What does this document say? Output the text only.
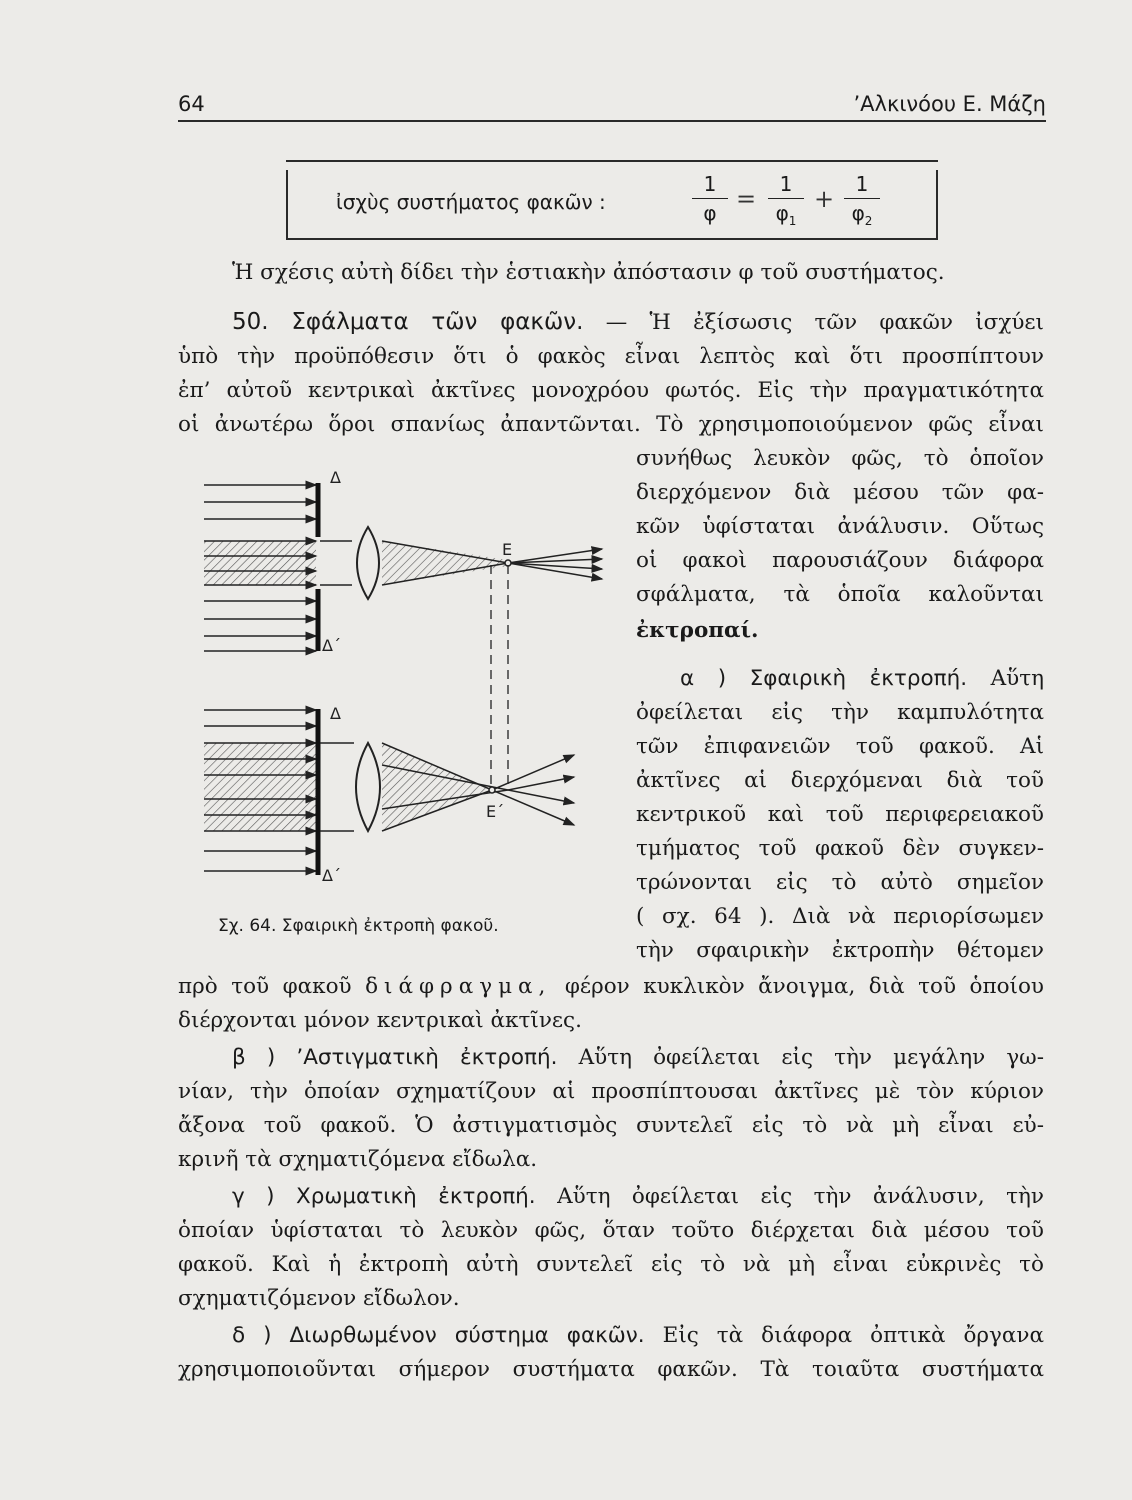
64	’Αλκινόου Ε. Μάζη
ἰσχὺς συστήματος φακῶν :	$\frac{1}{\varphi} = \frac{1}{\varphi_1} + \frac{1}{\varphi_2}$

Ἡ σχέσις αὐτὴ δίδει τὴν ἑστιακὴν ἀπόστασιν φ τοῦ συστήματος.

50. Σφάλματα τῶν φακῶν. — Ἡ ἐξίσωσις τῶν φακῶν ἰσχύει

ὑπὸ τὴν προϋπόθεσιν ὅτι ὁ φακὸς εἶναι λεπτὸς καὶ ὅτι προσπίπτουν

ἐπ’ αὐτοῦ κεντρικαὶ ἀκτῖνες μονοχρόου φωτός. Εἰς τὴν πραγματικότητα

οἱ ἀνωτέρω ὅροι σπανίως ἀπαντῶνται. Τὸ χρησιμοποιούμενον φῶς εἶναι

συνήθως λευκὸν φῶς, τὸ ὁποῖον

διερχόμενον διὰ μέσου τῶν φα-

κῶν ὑφίσταται ἀνάλυσιν. Οὕτως

οἱ φακοὶ παρουσιάζουν διάφορα

σφάλματα, τὰ ὁποῖα καλοῦνται

ἐκτροπαί.

α ) Σφαιρικὴ ἐκτροπή. Αὕτη

ὀφείλεται εἰς τὴν καμπυλότητα

τῶν ἐπιφανειῶν τοῦ φακοῦ. Αἱ

ἀκτῖνες αἱ διερχόμεναι διὰ τοῦ

κεντρικοῦ καὶ τοῦ περιφερειακοῦ

τμήματος τοῦ φακοῦ δὲν συγκεν-

τρώνονται εἰς τὸ αὐτὸ σημεῖον

( σχ. 64 ). Διὰ νὰ περιορίσωμεν

τὴν σφαιρικὴν ἐκτροπὴν θέτομεν

Δ
Δ΄
Ε
Δ
Δ΄
Ε΄
Σχ. 64. Σφαιρικὴ ἐκτροπὴ φακοῦ.

πρὸ τοῦ φακοῦ διάφραγμα, φέρον κυκλικὸν ἄνοιγμα, διὰ τοῦ ὁποίου

διέρχονται μόνον κεντρικαὶ ἀκτῖνες.

β ) ’Αστιγματικὴ ἐκτροπή. Αὕτη ὀφείλεται εἰς τὴν μεγάλην γω-

νίαν, τὴν ὁποίαν σχηματίζουν αἱ προσπίπτουσαι ἀκτῖνες μὲ τὸν κύριον

ἄξονα τοῦ φακοῦ. Ὁ ἀστιγματισμὸς συντελεῖ εἰς τὸ νὰ μὴ εἶναι εὐ-

κρινῆ τὰ σχηματιζόμενα εἴδωλα.

γ ) Χρωματικὴ ἐκτροπή. Αὕτη ὀφείλεται εἰς τὴν ἀνάλυσιν, τὴν

ὁποίαν ὑφίσταται τὸ λευκὸν φῶς, ὅταν τοῦτο διέρχεται διὰ μέσου τοῦ

φακοῦ. Καὶ ἡ ἐκτροπὴ αὐτὴ συντελεῖ εἰς τὸ νὰ μὴ εἶναι εὐκρινὲς τὸ

σχηματιζόμενον εἴδωλον.

δ ) Διωρθωμένον σύστημα φακῶν. Εἰς τὰ διάφορα ὀπτικὰ ὄργανα

χρησιμοποιοῦνται σήμερον συστήματα φακῶν. Τὰ τοιαῦτα συστήματα
